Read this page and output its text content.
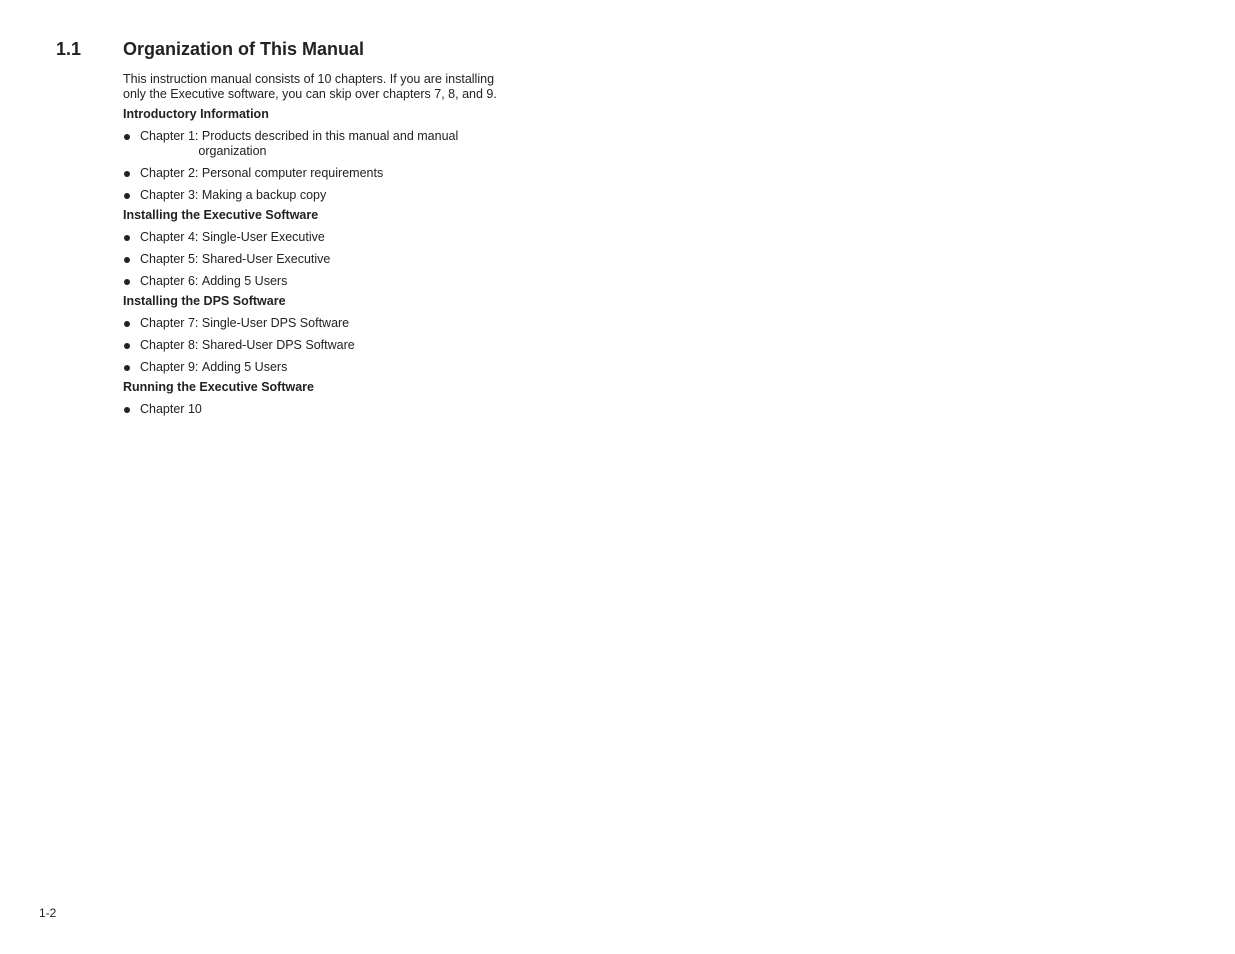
1.1 Organization of This Manual

This instruction manual consists of 10 chapters. If you are installing
only the Executive software, you can skip over chapters 7, 8, and 9.

Introductory Information
Chapter 1: Products described in this manual and manual
organization
Chapter 2: Personal computer requirements
Chapter 3: Making a backup copy
Installing the Executive Software
Chapter 4: Single-User Executive
Chapter 5: Shared-User Executive
Chapter 6: Adding 5 Users
Installing the DPS Software
Chapter 7: Single-User DPS Software
Chapter 8: Shared-User DPS Software
Chapter 9: Adding 5 Users
Running the Executive Software
Chapter 10
1-2
